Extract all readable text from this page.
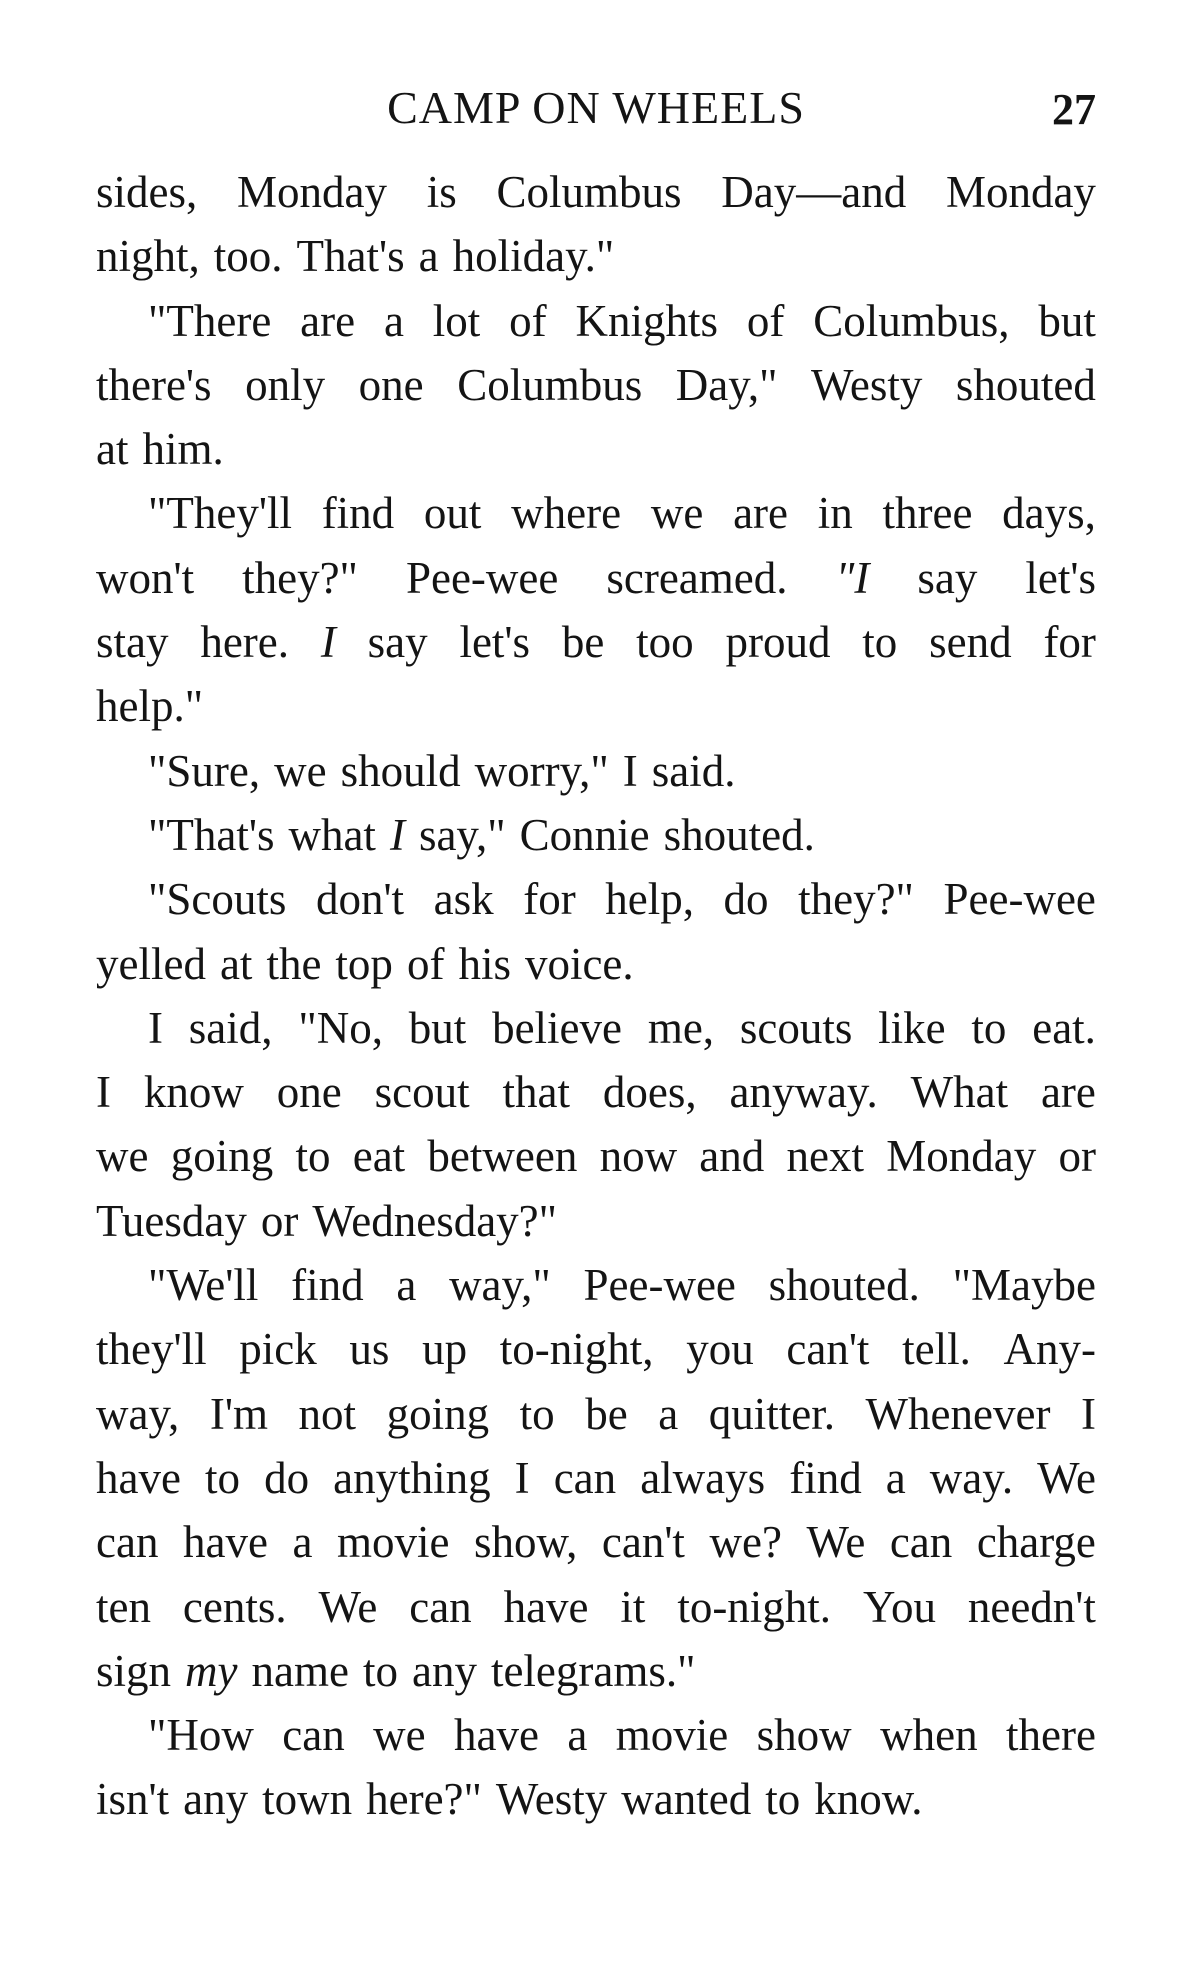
CAMP ON WHEELS	27
sides, Monday is Columbus Day—and Monday
night, too. That's a holiday."
"There are a lot of Knights of Columbus, but
there's only one Columbus Day," Westy shouted
at him.
"They'll find out where we are in three days,
won't they?" Pee-wee screamed. "I say let's
stay here. I say let's be too proud to send for
help."
"Sure, we should worry," I said.
"That's what I say," Connie shouted.
"Scouts don't ask for help, do they?" Pee-wee
yelled at the top of his voice.
I said, "No, but believe me, scouts like to eat.
I know one scout that does, anyway. What are
we going to eat between now and next Monday or
Tuesday or Wednesday?"
"We'll find a way," Pee-wee shouted. "Maybe
they'll pick us up to-night, you can't tell. Any-
way, I'm not going to be a quitter. Whenever I
have to do anything I can always find a way. We
can have a movie show, can't we? We can charge
ten cents. We can have it to-night. You needn't
sign my name to any telegrams."
"How can we have a movie show when there
isn't any town here?" Westy wanted to know.
